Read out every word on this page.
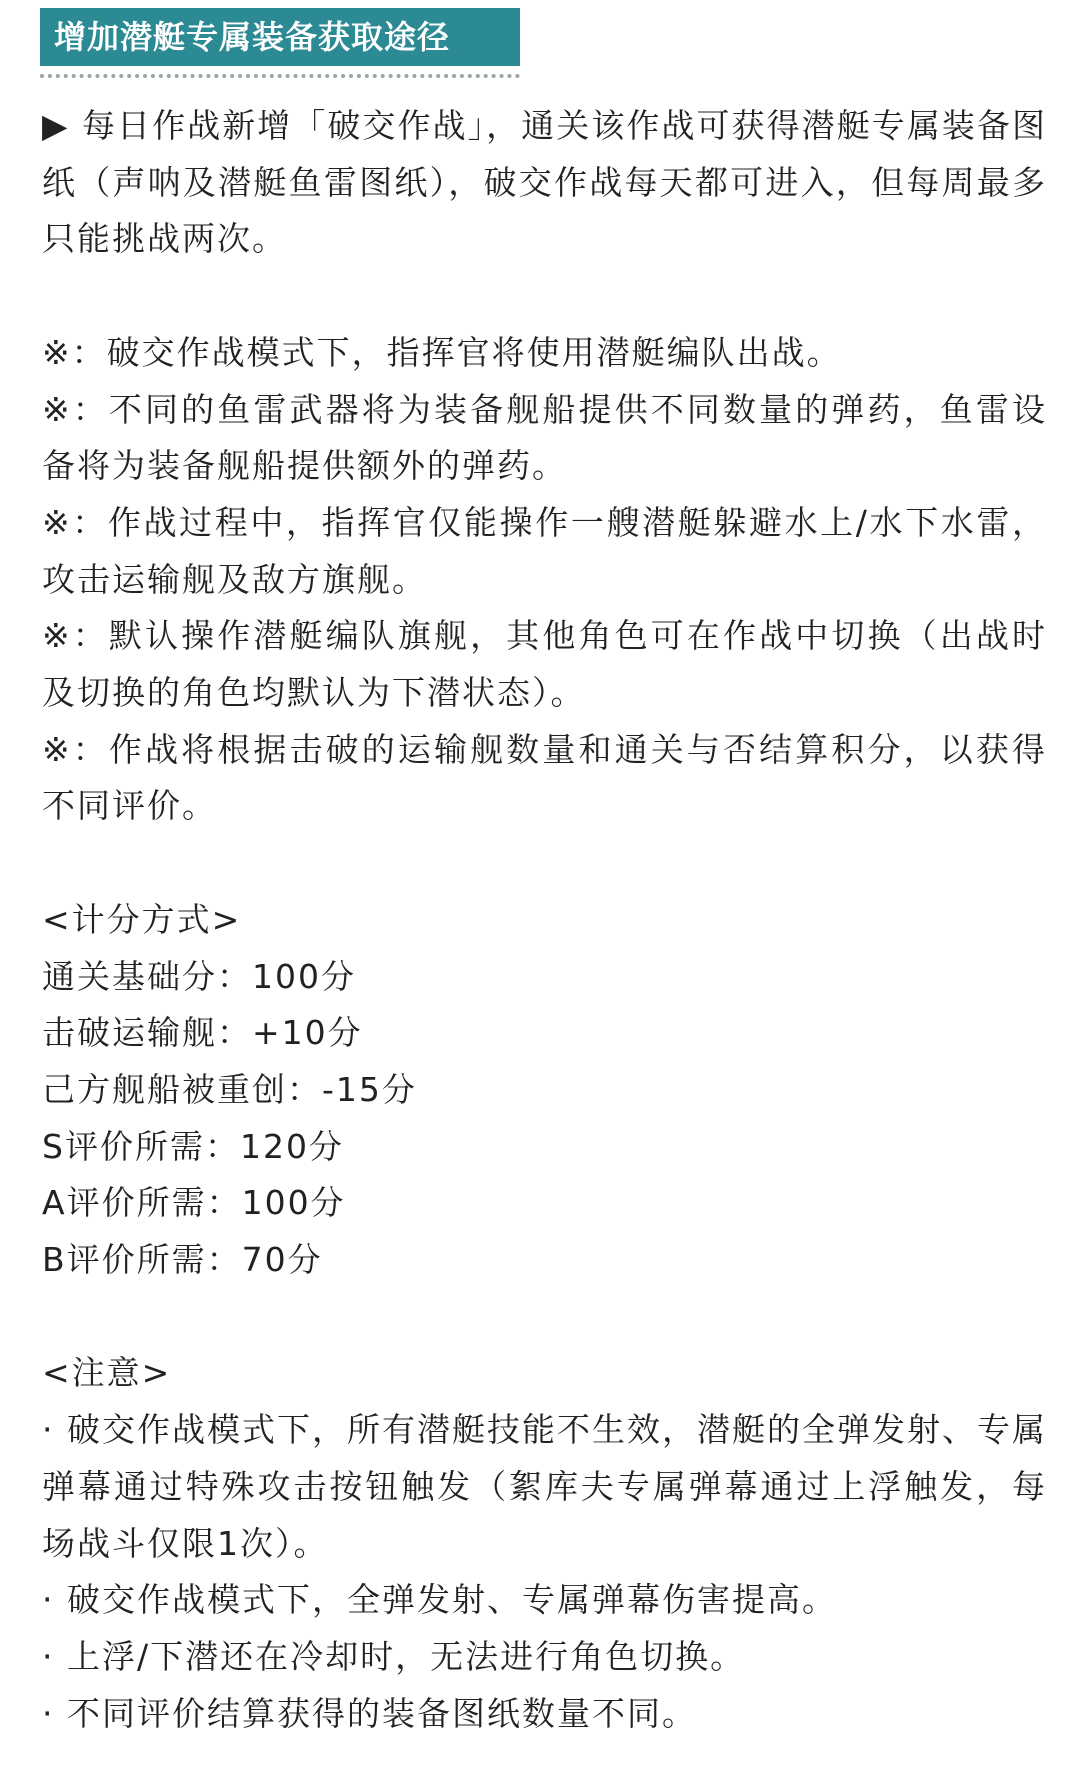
增加潜艇专属装备获取途径

▶ 每日作战新增「破交作战」，通关该作战可获得潜艇专属装备图纸（声呐及潜艇鱼雷图纸），破交作战每天都可进入，但每周最多只能挑战两次。

※：破交作战模式下，指挥官将使用潜艇编队出战。

※：不同的鱼雷武器将为装备舰船提供不同数量的弹药，鱼雷设备将为装备舰船提供额外的弹药。

※：作战过程中，指挥官仅能操作一艘潜艇躲避水上/水下水雷，攻击运输舰及敌方旗舰。

※：默认操作潜艇编队旗舰，其他角色可在作战中切换（出战时及切换的角色均默认为下潜状态）。

※：作战将根据击破的运输舰数量和通关与否结算积分，以获得不同评价。

<计分方式>

通关基础分：100分

击破运输舰：+10分

己方舰船被重创：-15分

S评价所需：120分

A评价所需：100分

B评价所需：70分

<注意>

· 破交作战模式下，所有潜艇技能不生效，潜艇的全弹发射、专属弹幕通过特殊攻击按钮触发（絮库夫专属弹幕通过上浮触发，每场战斗仅限1次）。

· 破交作战模式下，全弹发射、专属弹幕伤害提高。

· 上浮/下潜还在冷却时，无法进行角色切换。

· 不同评价结算获得的装备图纸数量不同。
